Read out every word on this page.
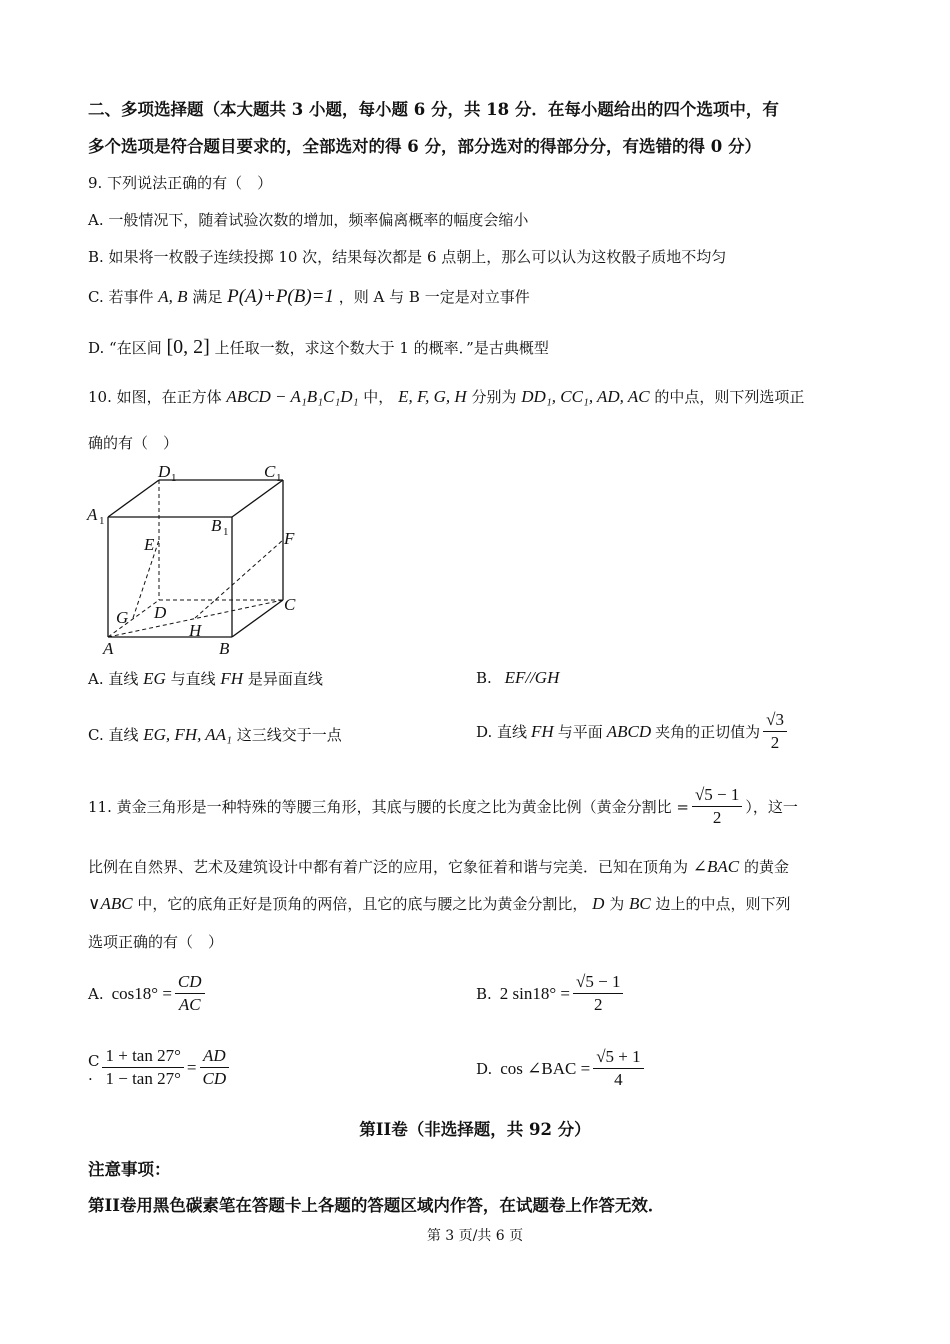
二、多项选择题（本大题共 3 小题，每小题 6 分，共 18 分．在每小题给出的四个选项中，有
多个选项是符合题目要求的，全部选对的得 6 分，部分选对的得部分分，有选错的得 0 分）
9. 下列说法正确的有（　）
A. 一般情况下，随着试验次数的增加，频率偏离概率的幅度会缩小
B. 如果将一枚骰子连续投掷 10 次，结果每次都是 6 点朝上，那么可以认为这枚骰子质地不均匀
C. 若事件 A, B 满足 P(A)+P(B)=1 ，则 A 与 B 一定是对立事件
D. “在区间 [0, 2] 上任取一数，求这个数大于 1 的概率．”是古典概型
10. 如图，在正方体 ABCD − A₁B₁C₁D₁ 中， E, F, G, H 分别为 DD₁, CC₁, AD, AC 的中点，则下列选项正
确的有（　）
D 1	C 1
A 1	B 1
E	F
G D	C
H
A	B
A. 直线 EG 与直线 FH 是异面直线	B. EF//GH
C. 直线 EG, FH, AA₁ 这三线交于一点	D. 直线 FH 与平面 ABCD 夹角的正切值为 $\frac{√3}{2}$
11. 黄金三角形是一种特殊的等腰三角形，其底与腰的长度之比为黄金比例（黄金分割比 = $\frac{√5 - 1}{2}$ ），这一
比例在自然界、艺术及建筑设计中都有着广泛的应用，它象征着和谐与完美．已知在顶角为 ∠BAC 的黄金
∨ABC 中，它的底角正好是顶角的两倍，且它的底与腰之比为黄金分割比， D 为 BC 边上的中点，则下列
选项正确的有（　）
A. $\cos 18^\circ = \frac{CD}{AC}$	B. 2 $\sin 18^\circ = \frac{√5 - 1}{2}$
C
. $\frac{1 + \tan 27^\circ}{1 - \tan 27^\circ} = \frac{AD}{CD}$	D. cos ∠BAC = $\frac{√5 + 1}{4}$
第II卷（非选择题，共 92 分）
注意事项：
第II卷用黑色碳素笔在答题卡上各题的答题区域内作答，在试题卷上作答无效．
第 3 页/共 6 页
